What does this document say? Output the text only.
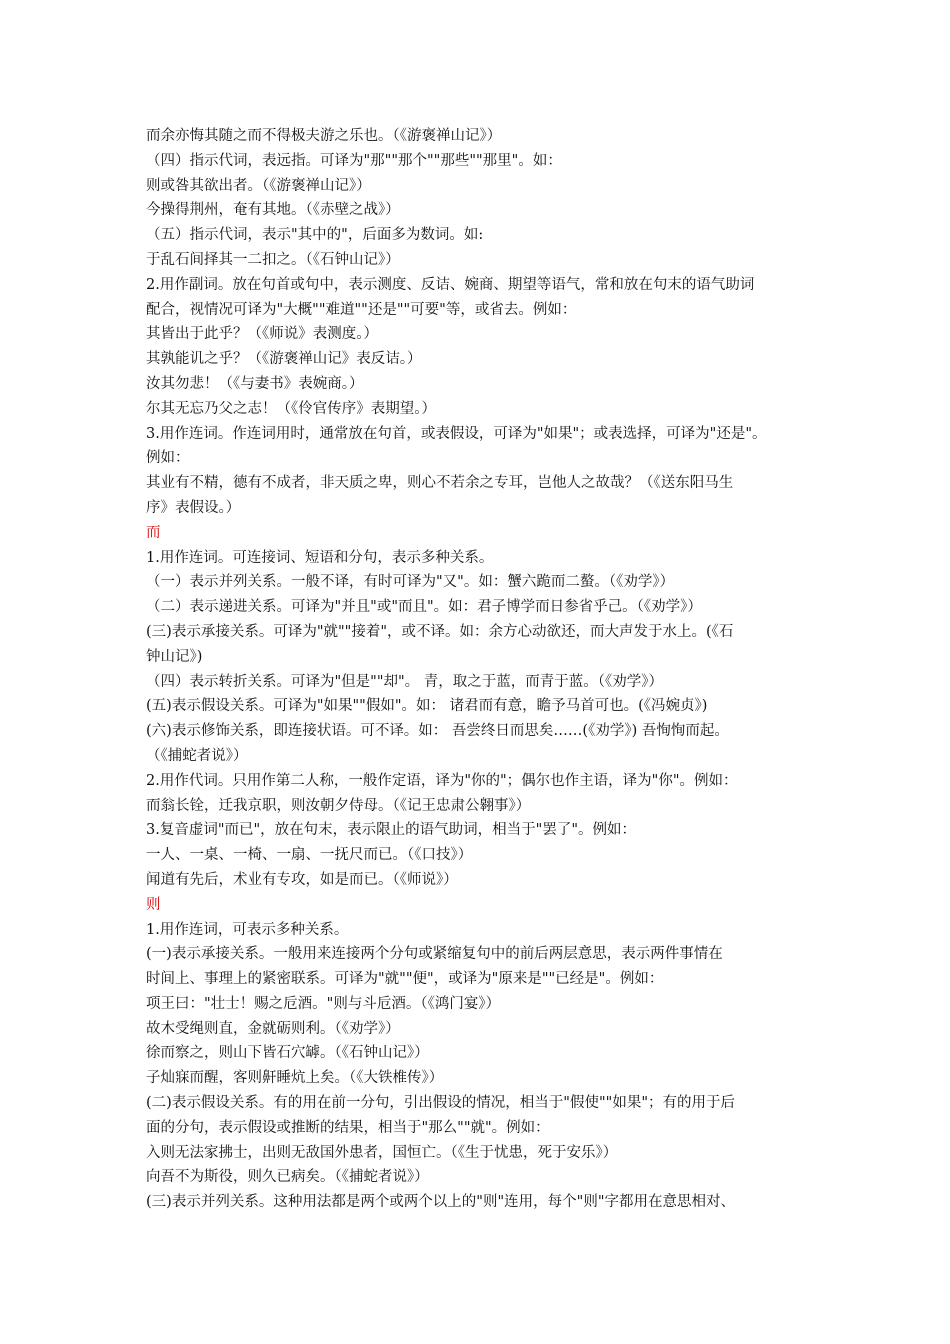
而余亦悔其随之而不得极夫游之乐也。（《游褒禅山记》）
（四）指示代词，表远指。可译为"那""那个""那些""那里"。如：
则或咎其欲出者。（《游褒禅山记》）
今操得荆州，奄有其地。（《赤壁之战》）
（五）指示代词，表示"其中的"，后面多为数词。如:
于乱石间择其一二扣之。（《石钟山记》）
2.用作副词。放在句首或句中，表示测度、反诘、婉商、期望等语气，常和放在句末的语气助词
配合，视情况可译为"大概""难道""还是""可要"等，或省去。例如：
其皆出于此乎？（《师说》表测度。）
其孰能讥之乎？（《游褒禅山记》表反诘。）
汝其勿悲！（《与妻书》表婉商。）
尔其无忘乃父之志！（《伶官传序》表期望。）
3.用作连词。作连词用时，通常放在句首，或表假设，可译为"如果"；或表选择，可译为"还是"。
例如：
其业有不精，德有不成者，非天质之卑，则心不若余之专耳，岂他人之故哉？（《送东阳马生
序》表假设。）
而
1.用作连词。可连接词、短语和分句，表示多种关系。
（一）表示并列关系。一般不译，有时可译为"又"。如：蟹六跪而二螯。（《劝学》）
（二）表示递进关系。可译为"并且"或"而且"。如：君子博学而日参省乎己。（《劝学》）
(三)表示承接关系。可译为"就""接着"，或不译。如：余方心动欲还，而大声发于水上。(《石
钟山记》)
（四）表示转折关系。可译为"但是""却"。 青，取之于蓝，而青于蓝。（《劝学》）
(五)表示假设关系。可译为"如果""假如"。如： 诸君而有意，瞻予马首可也。(《冯婉贞》)
(六)表示修饰关系，即连接状语。可不译。如： 吾尝终日而思矣……(《劝学》) 吾恂恂而起。
（《捕蛇者说》）
2.用作代词。只用作第二人称，一般作定语，译为"你的"；偶尔也作主语，译为"你"。例如：
而翁长铨，迁我京职，则汝朝夕侍母。（《记王忠肃公翱事》）
3.复音虚词"而已"，放在句末，表示限止的语气助词，相当于"罢了"。例如：
一人、一桌、一椅、一扇、一抚尺而已。（《口技》）
闻道有先后，术业有专攻，如是而已。（《师说》）
则
1.用作连词，可表示多种关系。
(一)表示承接关系。一般用来连接两个分句或紧缩复句中的前后两层意思，表示两件事情在
时间上、事理上的紧密联系。可译为"就""便"，或译为"原来是""已经是"。例如：
项王曰："壮士！赐之卮酒。"则与斗卮酒。（《鸿门宴》）
故木受绳则直，金就砺则利。（《劝学》）
徐而察之，则山下皆石穴罅。（《石钟山记》）
子灿寐而醒，客则鼾睡炕上矣。（《大铁椎传》）
(二)表示假设关系。有的用在前一分句，引出假设的情况，相当于"假使""如果"；有的用于后
面的分句，表示假设或推断的结果，相当于"那么""就"。例如：
入则无法家拂士，出则无敌国外患者，国恒亡。（《生于忧患，死于安乐》）
向吾不为斯役，则久已病矣。（《捕蛇者说》）
(三)表示并列关系。这种用法都是两个或两个以上的"则"连用，每个"则"字都用在意思相对、
